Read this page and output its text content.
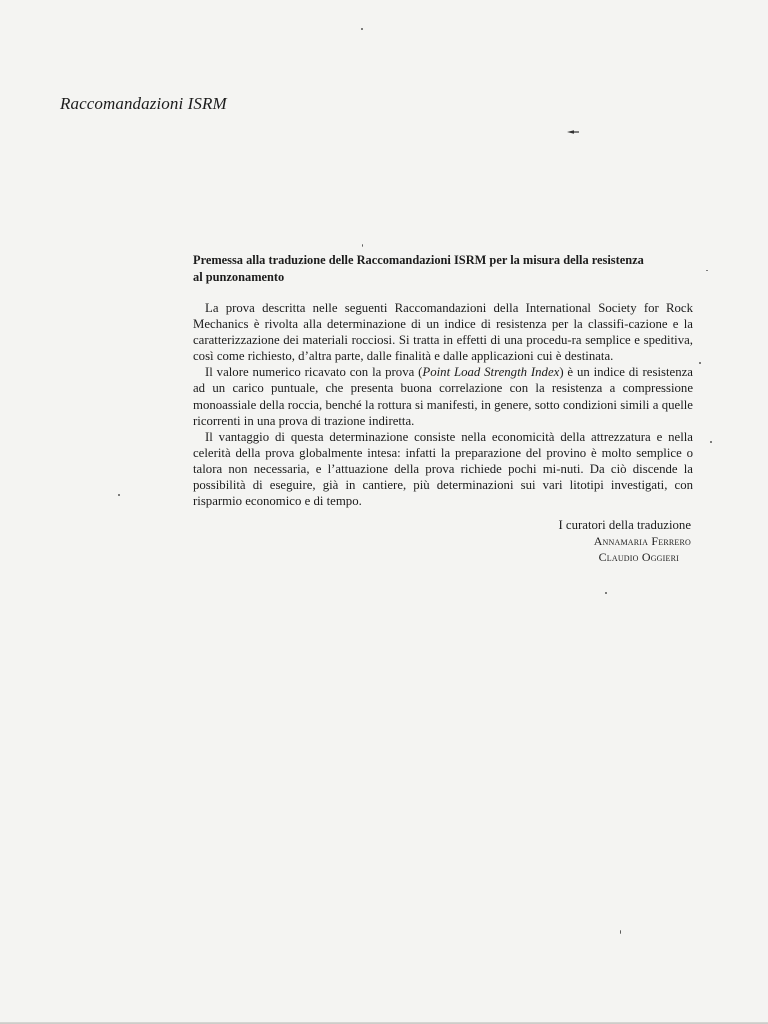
Raccomandazioni ISRM
Premessa alla traduzione delle Raccomandazioni ISRM per la misura della resistenza
al punzonamento

La prova descritta nelle seguenti Raccomandazioni della International Society for Rock Mechanics è rivolta alla determinazione di un indice di resistenza per la classifi-cazione e la caratterizzazione dei materiali rocciosi. Si tratta in effetti di una procedu-ra semplice e speditiva, così come richiesto, d’altra parte, dalle finalità e dalle applicazioni cui è destinata.

Il valore numerico ricavato con la prova (Point Load Strength Index) è un indice di resistenza ad un carico puntuale, che presenta buona correlazione con la resistenza a compressione monoassiale della roccia, benché la rottura si manifesti, in genere, sotto condizioni simili a quelle ricorrenti in una prova di trazione indiretta.

Il vantaggio di questa determinazione consiste nella economicità della attrezzatura e nella celerità della prova globalmente intesa: infatti la preparazione del provino è molto semplice o talora non necessaria, e l’attuazione della prova richiede pochi mi-nuti. Da ciò discende la possibilità di eseguire, già in cantiere, più determinazioni sui vari litotipi investigati, con risparmio economico e di tempo.

I curatori della traduzione
Annamaria Ferrero
Claudio Oggieri
